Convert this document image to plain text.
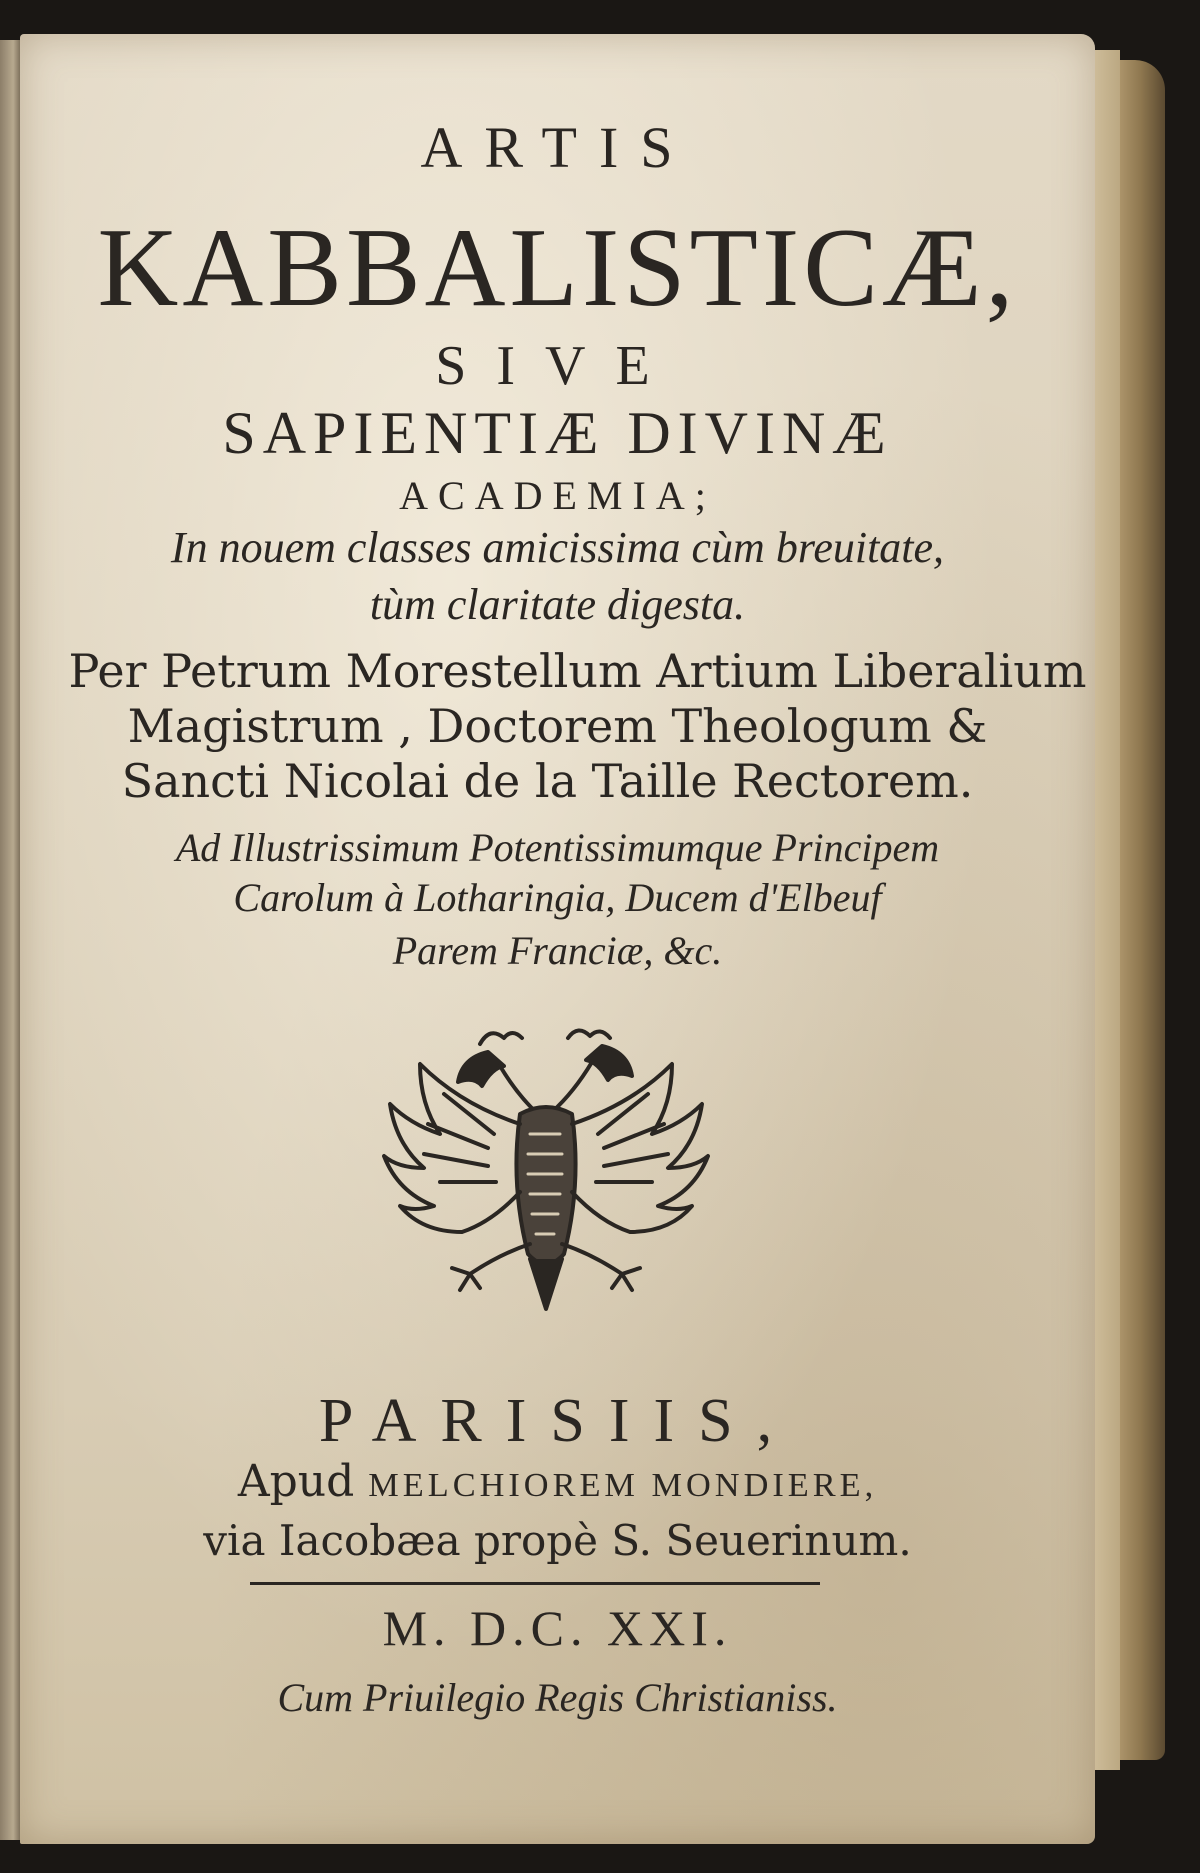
ARTIS
KABBALISTICÆ,
SIVE
SAPIENTIÆ DIVINÆ
ACADEMIA;
In nouem classes amicissima cùm breuitate,
tùm claritate digesta.
Per Petrum Morestellum Artium Liberalium
Magistrum , Doctorem Theologum &
Sancti Nicolai de la Taille Rectorem.
Ad Illustrissimum Potentissimumque Principem
Carolum à Lotharingia, Ducem d'Elbeuf
Parem Franciæ, &c.
PARISIIS,
Apud MELCHIOREM MONDIERE,
via Iacobæa propè S. Seuerinum.
M. D.C. XXI.
Cum Priuilegio Regis Christianiss.
